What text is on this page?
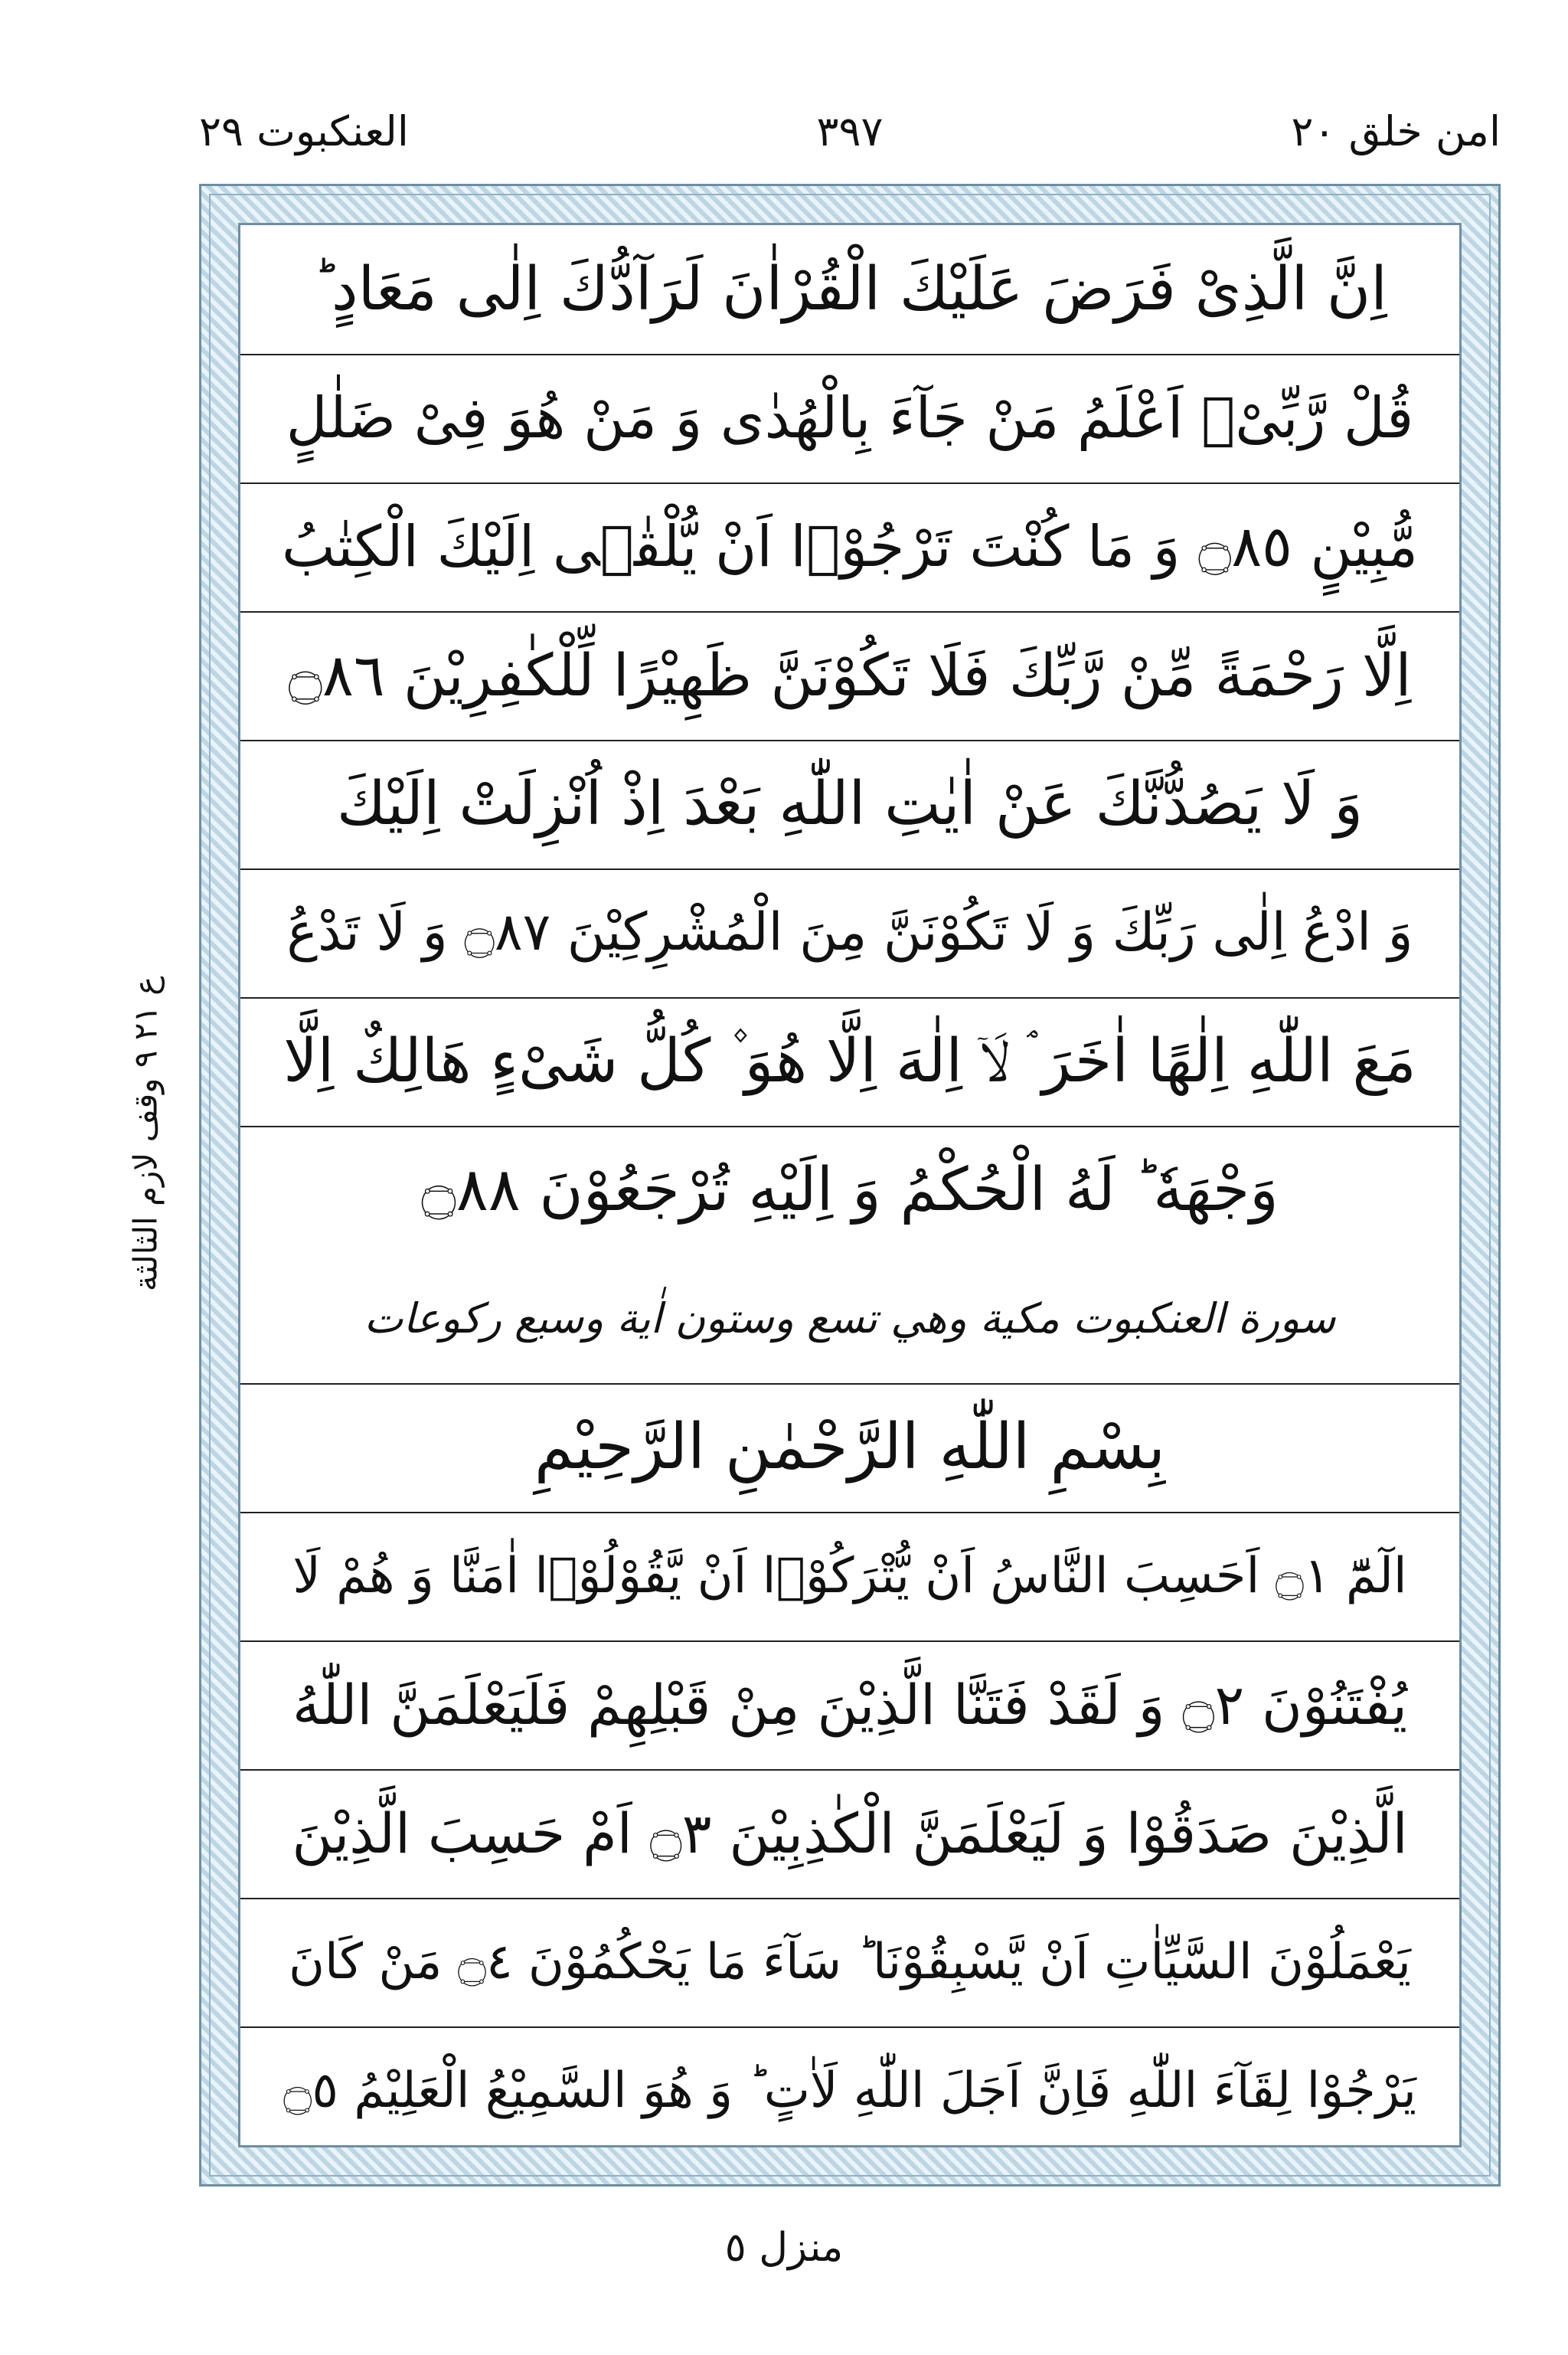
امن خلق ٢٠
٣٩٧
العنكبوت ٢٩
ع ٢١ ٩ وقف لازم الثالثة
اِنَّ الَّذِیْ فَرَضَ عَلَیْكَ الْقُرْاٰنَ لَرَآدُّكَ اِلٰى مَعَادٍ ؕ
قُلْ رَّبِّیْۤ اَعْلَمُ مَنْ جَآءَ بِالْهُدٰى وَ مَنْ هُوَ فِیْ ضَلٰلٍ
مُّبِیْنٍ ۝٨٥ وَ مَا كُنْتَ تَرْجُوْۤا اَنْ یُّلْقٰۤى اِلَیْكَ الْكِتٰبُ
اِلَّا رَحْمَةً مِّنْ رَّبِّكَ فَلَا تَكُوْنَنَّ ظَهِیْرًا لِّلْكٰفِرِیْنَ ۝٨٦
وَ لَا یَصُدُّنَّكَ عَنْ اٰیٰتِ اللّٰهِ بَعْدَ اِذْ اُنْزِلَتْ اِلَیْكَ
وَ ادْعُ اِلٰى رَبِّكَ وَ لَا تَكُوْنَنَّ مِنَ الْمُشْرِكِیْنَ ۝٨٧ وَ لَا تَدْعُ
مَعَ اللّٰهِ اِلٰهًا اٰخَرَ ۘ لَاۤ اِلٰهَ اِلَّا هُوَ ۫ كُلُّ شَیْءٍ هَالِكٌ اِلَّا
وَجْهَهٗ ؕ لَهُ الْحُكْمُ وَ اِلَیْهِ تُرْجَعُوْنَ ۝٨٨
سورة العنكبوت مكية وهي تسع وستون اٰية وسبع ركوعات
بِسْمِ اللّٰهِ الرَّحْمٰنِ الرَّحِیْمِ
الٓمّٓ ۝١ اَحَسِبَ النَّاسُ اَنْ یُّتْرَكُوْۤا اَنْ یَّقُوْلُوْۤا اٰمَنَّا وَ هُمْ لَا
یُفْتَنُوْنَ ۝٢ وَ لَقَدْ فَتَنَّا الَّذِیْنَ مِنْ قَبْلِهِمْ فَلَیَعْلَمَنَّ اللّٰهُ
الَّذِیْنَ صَدَقُوْا وَ لَیَعْلَمَنَّ الْكٰذِبِیْنَ ۝٣ اَمْ حَسِبَ الَّذِیْنَ
یَعْمَلُوْنَ السَّیِّاٰتِ اَنْ یَّسْبِقُوْنَا ؕ سَآءَ مَا یَحْكُمُوْنَ ۝٤ مَنْ كَانَ
یَرْجُوْا لِقَآءَ اللّٰهِ فَاِنَّ اَجَلَ اللّٰهِ لَاٰتٍ ؕ وَ هُوَ السَّمِیْعُ الْعَلِیْمُ ۝٥
منزل ٥
